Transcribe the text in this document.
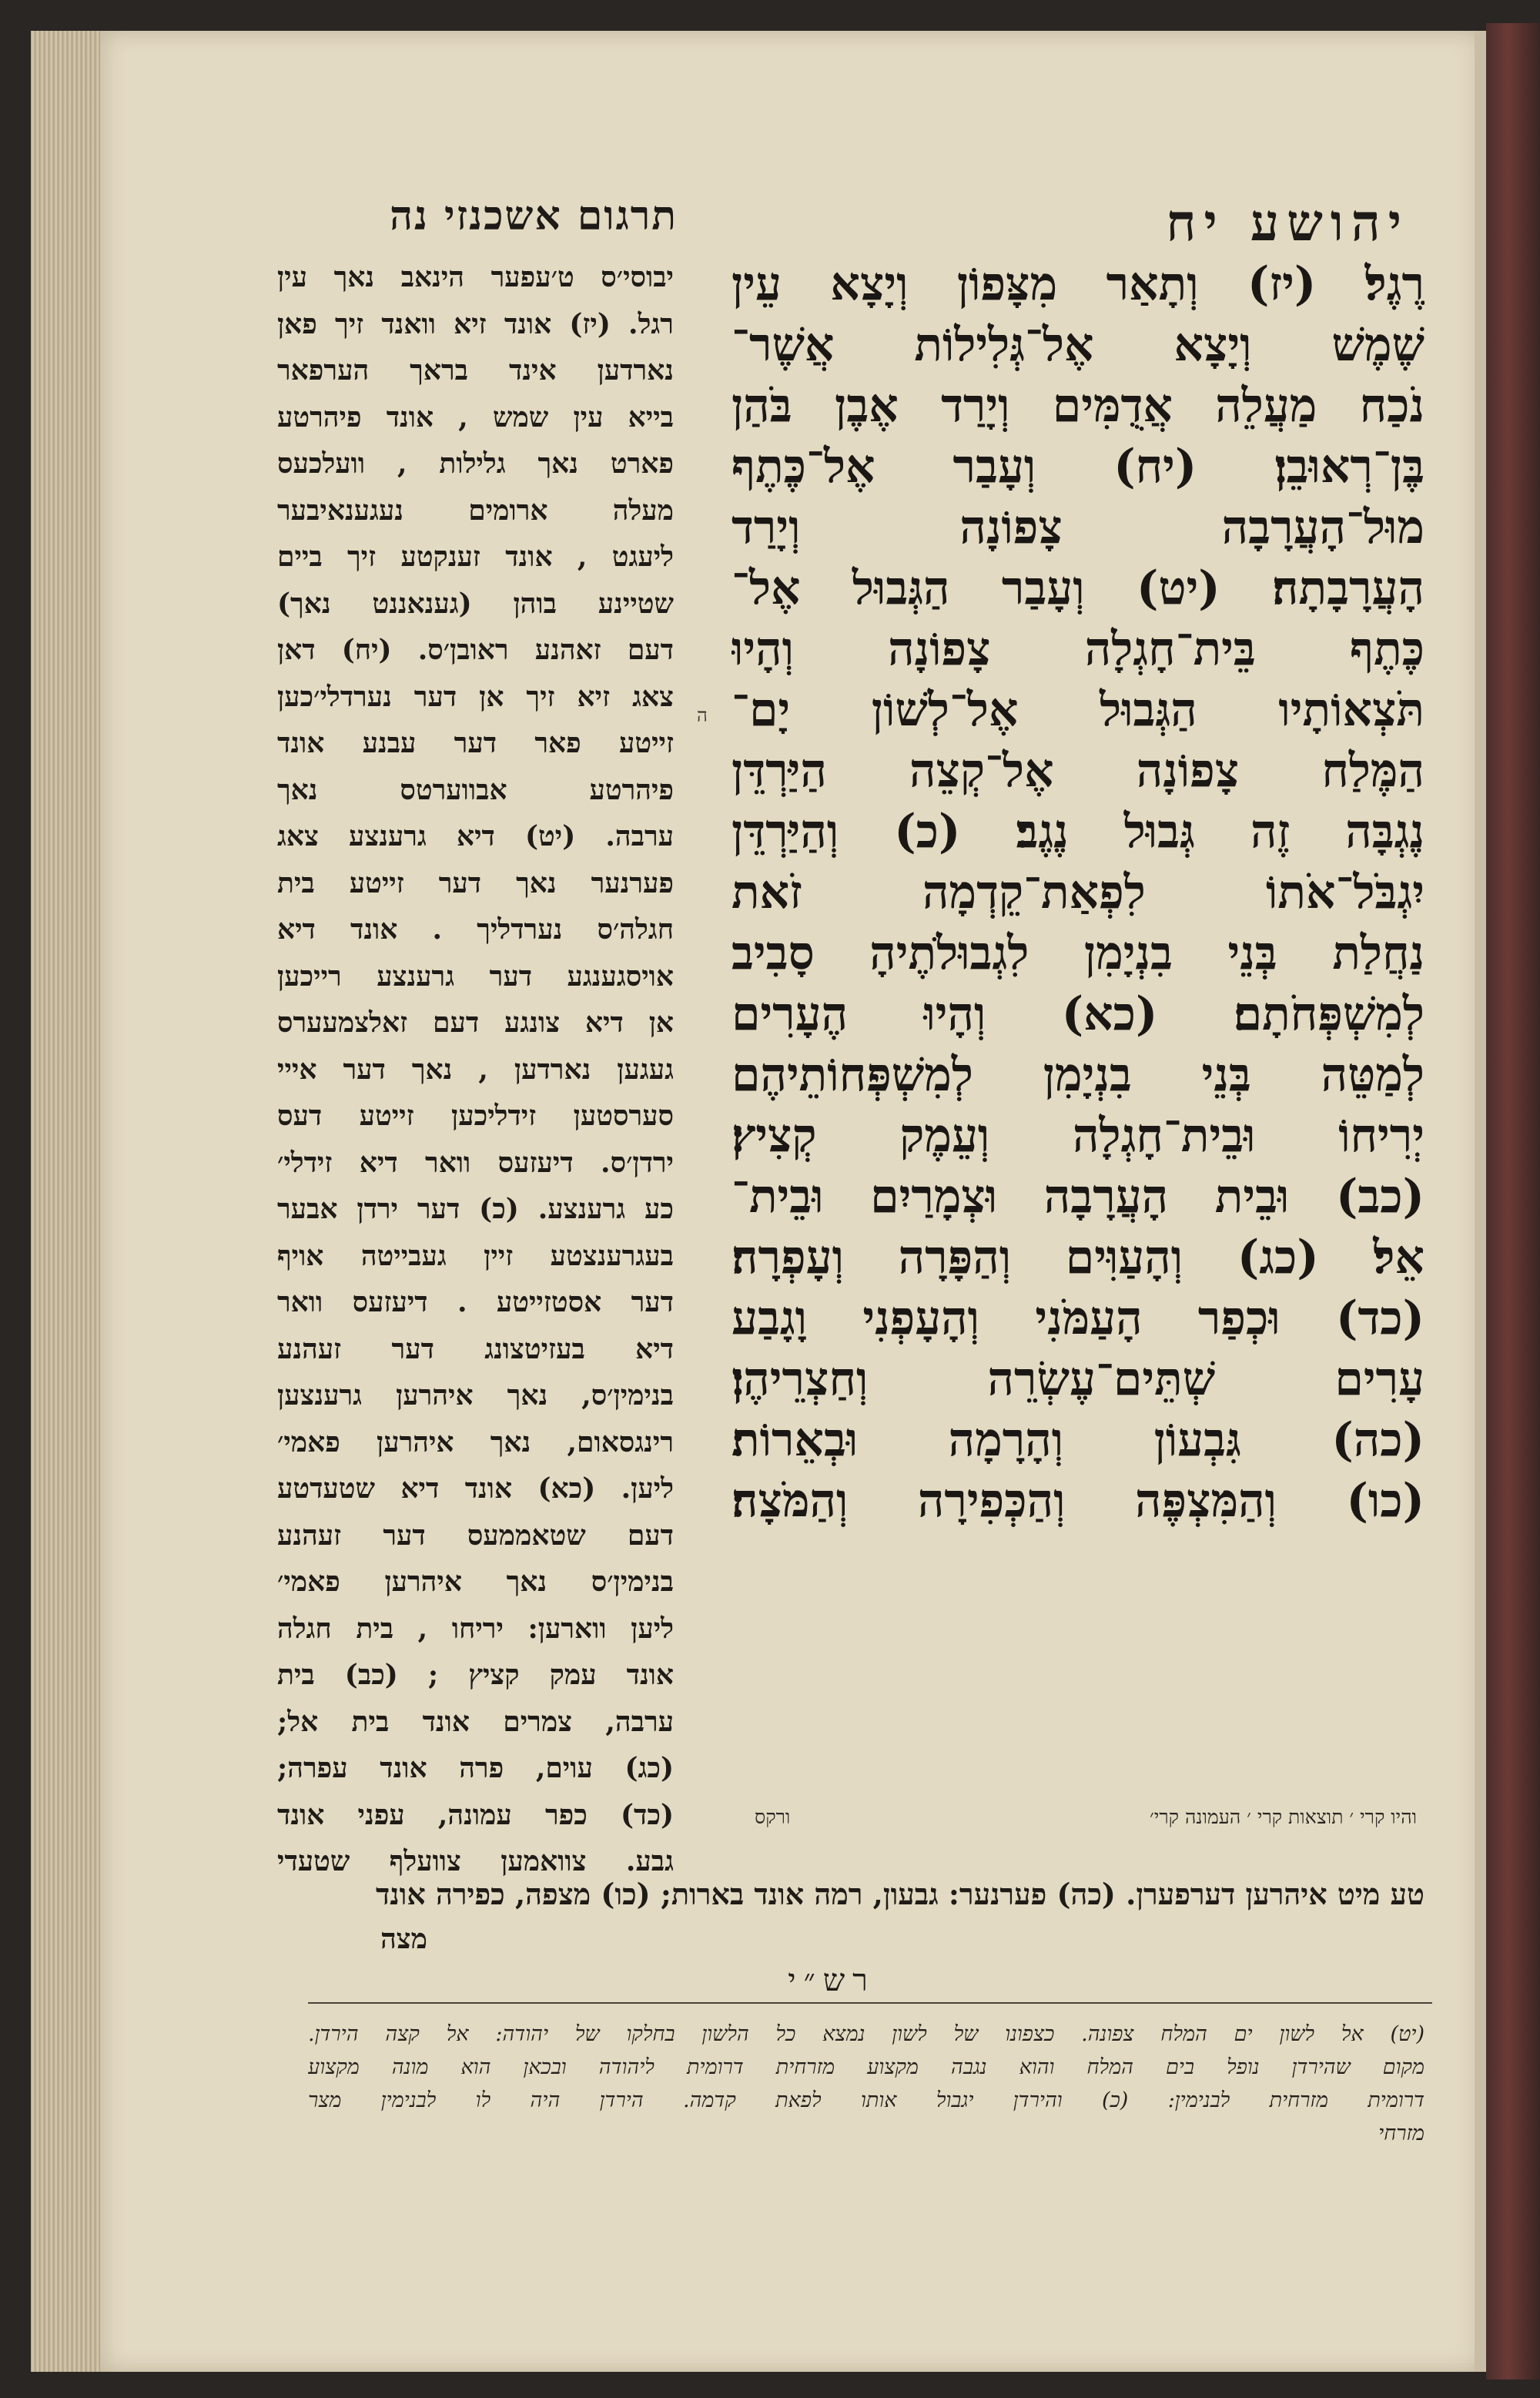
יהושע יח
תרגום אשכנזי נה
רֶגֶל׃ (יז) וְתָאַר מִצָּפוֹן וְיָצָא עֵין
שֶׁמֶשׁ וְיָצָא אֶל־גְּלִילוֹת אֲשֶׁר־
נֹכַח מַעֲלֵה אֲדֻמִּים וְיָרַד אֶבֶן בֹּהַן
בֶּן־רְאוּבֵן׃ (יח) וְעָבַר אֶל־כֶּתֶף
מוּל־הָעֲרָבָה צָפוֹנָה וְיָרַד
הָעֲרָבָתָה׃ (יט) וְעָבַר הַגְּבוּל אֶל־
כֶּתֶף בֵּית־חָגְלָה צָפוֹנָה וְהָיוּ
תֹּצְאוֹתָיו הַגְּבוּל אֶל־לְשׁוֹן יָם־
הַמֶּלַח צָפוֹנָה אֶל־קְצֵה הַיַּרְדֵּן
נֶגְבָּה זֶה גְּבוּל נֶגֶב׃ (כ) וְהַיַּרְדֵּן
יִגְבֹּל־אֹתוֹ לִפְאַת־קֵדְמָה זֹאת
נַחֲלַת בְּנֵי בִנְיָמִן לִגְבוּלֹתֶיהָ סָבִיב
לְמִשְׁפְּחֹתָם׃ (כא) וְהָיוּ הֶעָרִים
לְמַטֵּה בְּנֵי בִנְיָמִן לְמִשְׁפְּחוֹתֵיהֶם
יְרִיחוֹ וּבֵית־חָגְלָה וְעֵמֶק קְצִיץ׃
(כב) וּבֵית הָעֲרָבָה וּצְמָרַיִם וּבֵית־
אֵל׃ (כג) וְהָעַוִּים וְהַפָּרָה וְעָפְרָה׃
(כד) וּכְפַר הָעַמֹּנִי וְהָעָפְנִי וָגָבַע
עָרִים שְׁתֵּים־עֶשְׂרֵה וְחַצְרֵיהֶן׃
(כה) גִּבְעוֹן וְהָרָמָה וּבְאֵרוֹת׃
(כו) וְהַמִּצְפֶּה וְהַכְּפִירָה וְהַמֹּצָה׃
ה
והיו קרי ׳ תוצאות קרי ׳ העמונה קרי׳
ורקס
יבוסי׳ס ט׳עפער הינאב נאך עין
רגל. (יז) אונד זיא וואנד זיך פאן
נארדען אינד בראך הערפאר
בייא עין שמש , אונד פיהרטע
פארט נאך גלילות , וועלכעס
מעלה ארומים נעגענאיבער
ליעגט , אונד זענקטע זיך ביים
שטיינע בוהן (גענאננט נאך)
דעם זאהנע ראובן׳ס. (יח) דאן
צאג זיא זיך אן דער נערדלי׳כען
זייטע פאר דער עבנע אונד
פיהרטע אבווערטס נאך
ערבה. (יט) דיא גרענצע צאג
פערנער נאך דער זייטע בית
חגלה׳ס נערדליך . אונד דיא
אויסגענגע דער גרענצע רייכען
אן דיא צונגע דעם זאלצמעערס
געגען נארדען , נאך דער אייי
סערסטען זידליכען זייטע דעס
ירדן׳ס. דיעזעס וואר דיא זידלי׳
כע גרענצע. (כ) דער ירדן אבער
בעגרענצטע זיין געבייטה אויף
דער אסטזייטע . דיעזעס וואר
דיא בעזיטצונג דער זעהנע
בנימין׳ס, נאך איהרען גרענצען
רינגסאום, נאך איהרען פאמי׳
ליען. (כא) אונד דיא שטעדטע
דעם שטאממעס דער זעהנע
בנימין׳ס נאך איהרען פאמי׳
ליען ווארען: יריחו , בית חגלה
אונד עמק קציץ ; (כב) בית
ערבה, צמרים אונד בית אל;
(כג) עוים, פרה אונד עפרה;
(כד) כפר עמונה, עפני אונד
גבע. צוואמען צוועלף שטעדי
טע מיט איהרען דערפערן. (כה) פערנער: גבעון, רמה אונד בארות; (כו) מצפה, כפירה אונד
מצה
רש״י
(יט) אל לשון ים המלח צפונה. כצפונו של לשון נמצא כל הלשון בחלקו של יהודה: אל קצה הירדן.
מקום שהירדן נופל בים המלח והוא נגבה מקצוע מזרחית דרומית ליהודה ובכאן הוא מונה מקצוע
דרומית מזרחית לבנימין: (כ) והירדן יגבול אותו לפאת קדמה. הירדן היה לו לבנימין מצר
מזרחי
